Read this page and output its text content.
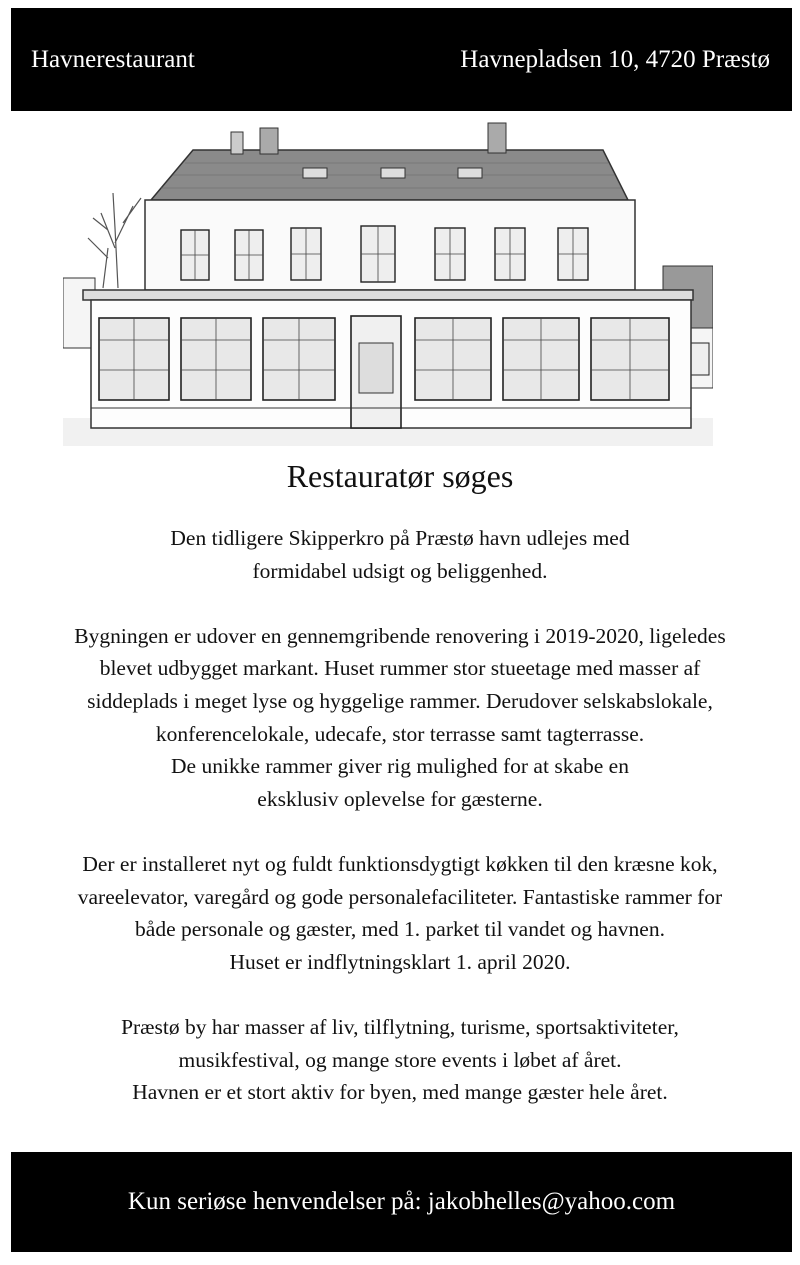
Havnerestaurant	Havnepladsen 10, 4720 Præstø
Restauratør søges

Den tidligere Skipperkro på Præstø havn udlejes med
formidabel udsigt og beliggenhed.

Bygningen er udover en gennemgribende renovering i 2019-2020, ligeledes
blevet udbygget markant. Huset rummer stor stueetage med masser af
siddeplads i meget lyse og hyggelige rammer. Derudover selskabslokale,
konferencelokale, udecafe, stor terrasse samt tagterrasse.
De unikke rammer giver rig mulighed for at skabe en
eksklusiv oplevelse for gæsterne.

Der er installeret nyt og fuldt funktionsdygtigt køkken til den kræsne kok,
vareelevator, varegård og gode personalefaciliteter. Fantastiske rammer for
både personale og gæster, med 1. parket til vandet og havnen.
Huset er indflytningsklart 1. april 2020.

Præstø by har masser af liv, tilflytning, turisme, sportsaktiviteter,
musikfestival, og mange store events i løbet af året.
Havnen er et stort aktiv for byen, med mange gæster hele året.

Kun seriøse henvendelser på: jakobhelles@yahoo.com
